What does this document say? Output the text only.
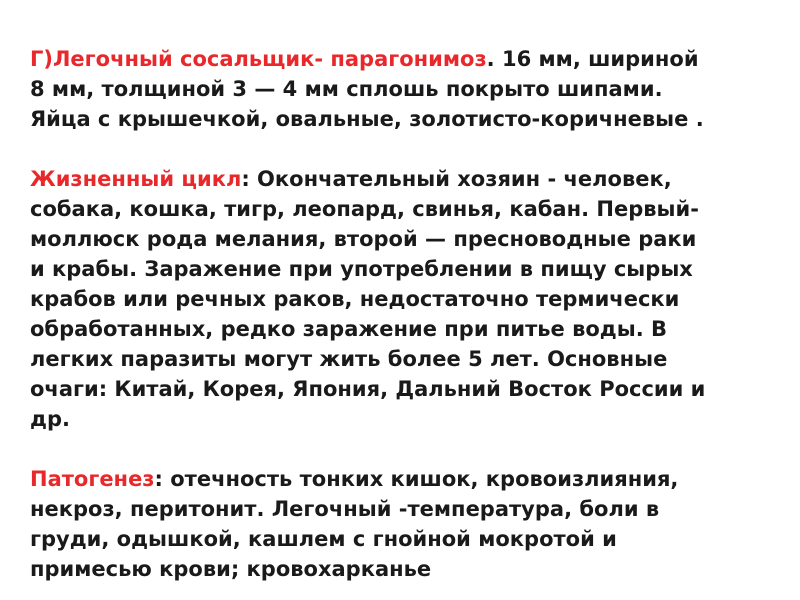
Г)Легочный сосальщик- парагонимоз. 16 мм, шириной
8 мм, толщиной 3 — 4 мм сплошь покрыто шипами.
Яйца с крышечкой, овальные, золотисто-коричневые .

Жизненный цикл: Окончательный хозяин - человек,
собака, кошка, тигр, леопард, свинья, кабан. Первый-
моллюск рода мелания, второй — пресноводные раки
и крабы. Заражение при употреблении в пищу сырых
крабов или речных раков, недостаточно термически
обработанных, редко заражение при питье воды. В
легких паразиты могут жить более 5 лет. Основные
очаги: Китай, Корея, Япония, Дальний Восток России и
др.

Патогенез: отечность тонких кишок, кровоизлияния,
некроз, перитонит. Легочный -температура, боли в
груди, одышкой, кашлем с гнойной мокротой и
примесью крови; кровохарканье
